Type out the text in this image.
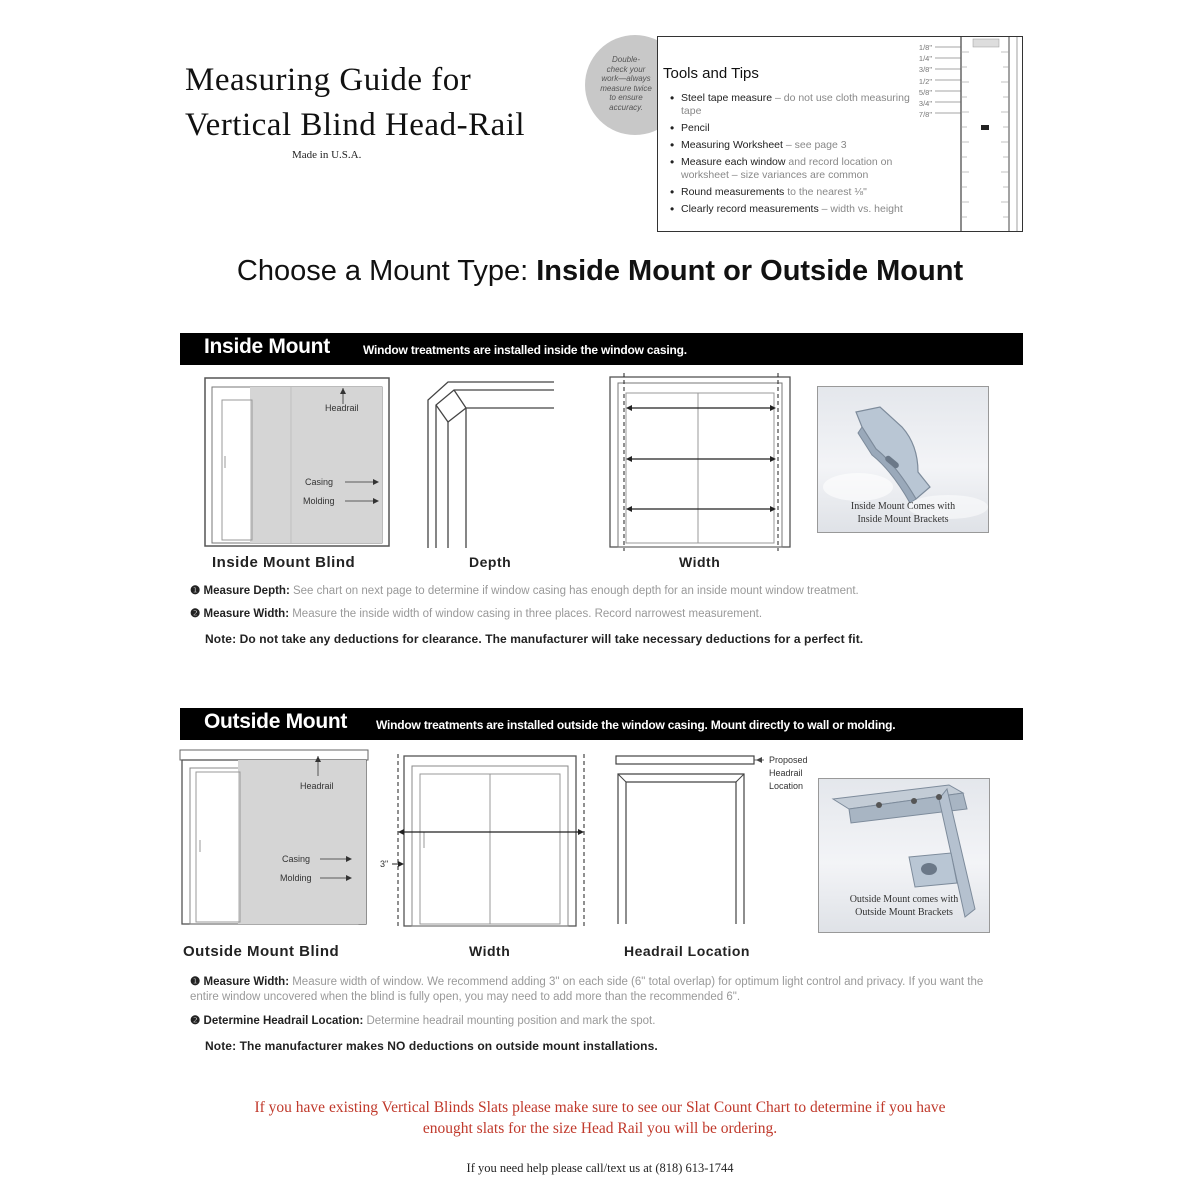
Measuring Guide for
Vertical Blind Head-Rail
Made in U.S.A.
Double-
check your
work—always
measure twice
to ensure
accuracy.
Tools and Tips
• Steel tape measure – do not use cloth measuring tape
• Pencil
• Measuring Worksheet – see page 3
• Measure each window and record location on worksheet – size variances are common
• Round measurements to the nearest ⅛"
• Clearly record measurements – width vs. height
1/8"
1/4"
3/8"
1/2"
5/8"
3/4"
7/8"
Choose a Mount Type: Inside Mount or Outside Mount
Inside Mount	Window treatments are installed inside the window casing.
Headrail
Casing
Molding	Inside Mount Comes with
Inside Mount Brackets
Inside Mount Blind	Depth	Width
❶ Measure Depth: See chart on next page to determine if window casing has enough depth for an inside mount window treatment.
❷ Measure Width: Measure the inside width of window casing in three places. Record narrowest measurement.
Note: Do not take any deductions for clearance. The manufacturer will take necessary deductions for a perfect fit.
Outside Mount Window treatments are installed outside the window casing. Mount directly to wall or molding.
Headrail
Casing
Molding
3"
Proposed
Headrail
Location
Outside Mount comes with
Outside Mount Brackets
Outside Mount Blind	Width	Headrail Location
❶ Measure Width: Measure width of window. We recommend adding 3" on each side (6" total overlap) for optimum light control and privacy. If you want the entire window uncovered when the blind is fully open, you may need to add more than the recommended 6".
❷ Determine Headrail Location: Determine headrail mounting position and mark the spot.
Note: The manufacturer makes NO deductions on outside mount installations.
If you have existing Vertical Blinds Slats please make sure to see our Slat Count Chart to determine if you have
enought slats for the size Head Rail you will be ordering.
If you need help please call/text us at (818) 613-1744
